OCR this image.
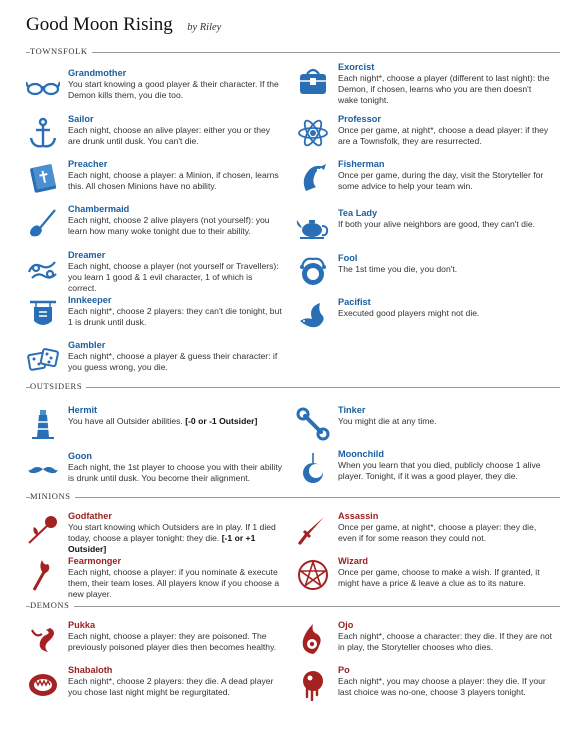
Good Moon Rising by Riley
TOWNSFOLK
Grandmother
You start knowing a good player & their character. If the Demon kills them, you die too.
Sailor
Each night, choose an alive player: either you or they are drunk until dusk. You can't die.
Preacher
Each night, choose a player: a Minion, if chosen, learns this. All chosen Minions have no ability.
Chambermaid
Each night, choose 2 alive players (not yourself): you learn how many woke tonight due to their ability.
Dreamer
Each night, choose a player (not yourself or Travellers): you learn 1 good & 1 evil character, 1 of which is correct.
Innkeeper
Each night*, choose 2 players: they can't die tonight, but 1 is drunk until dusk.
Gambler
Each night*, choose a player & guess their character: if you guess wrong, you die.
Exorcist
Each night*, choose a player (different to last night): the Demon, if chosen, learns who you are then doesn't wake tonight.
Professor
Once per game, at night*, choose a dead player: if they are a Townsfolk, they are resurrected.
Fisherman
Once per game, during the day, visit the Storyteller for some advice to help your team win.
Tea Lady
If both your alive neighbors are good, they can't die.
Fool
The 1st time you die, you don't.
Pacifist
Executed good players might not die.
OUTSIDERS
Hermit
You have all Outsider abilities. [-0 or -1 Outsider]
Goon
Each night, the 1st player to choose you with their ability is drunk until dusk. You become their alignment.
Tinker
You might die at any time.
Moonchild
When you learn that you died, publicly choose 1 alive player. Tonight, if it was a good player, they die.
MINIONS
Godfather
You start knowing which Outsiders are in play. If 1 died today, choose a player tonight: they die. [-1 or +1 Outsider]
Fearmonger
Each night, choose a player: if you nominate & execute them, their team loses. All players know if you choose a new player.
Assassin
Once per game, at night*, choose a player: they die, even if for some reason they could not.
Wizard
Once per game, choose to make a wish. If granted, it might have a price & leave a clue as to its nature.
DEMONS
Pukka
Each night, choose a player: they are poisoned. The previously poisoned player dies then becomes healthy.
Shabaloth
Each night*, choose 2 players: they die. A dead player you chose last night might be regurgitated.
Ojo
Each night*, choose a character: they die. If they are not in play, the Storyteller chooses who dies.
Po
Each night*, you may choose a player: they die. If your last choice was no-one, choose 3 players tonight.
